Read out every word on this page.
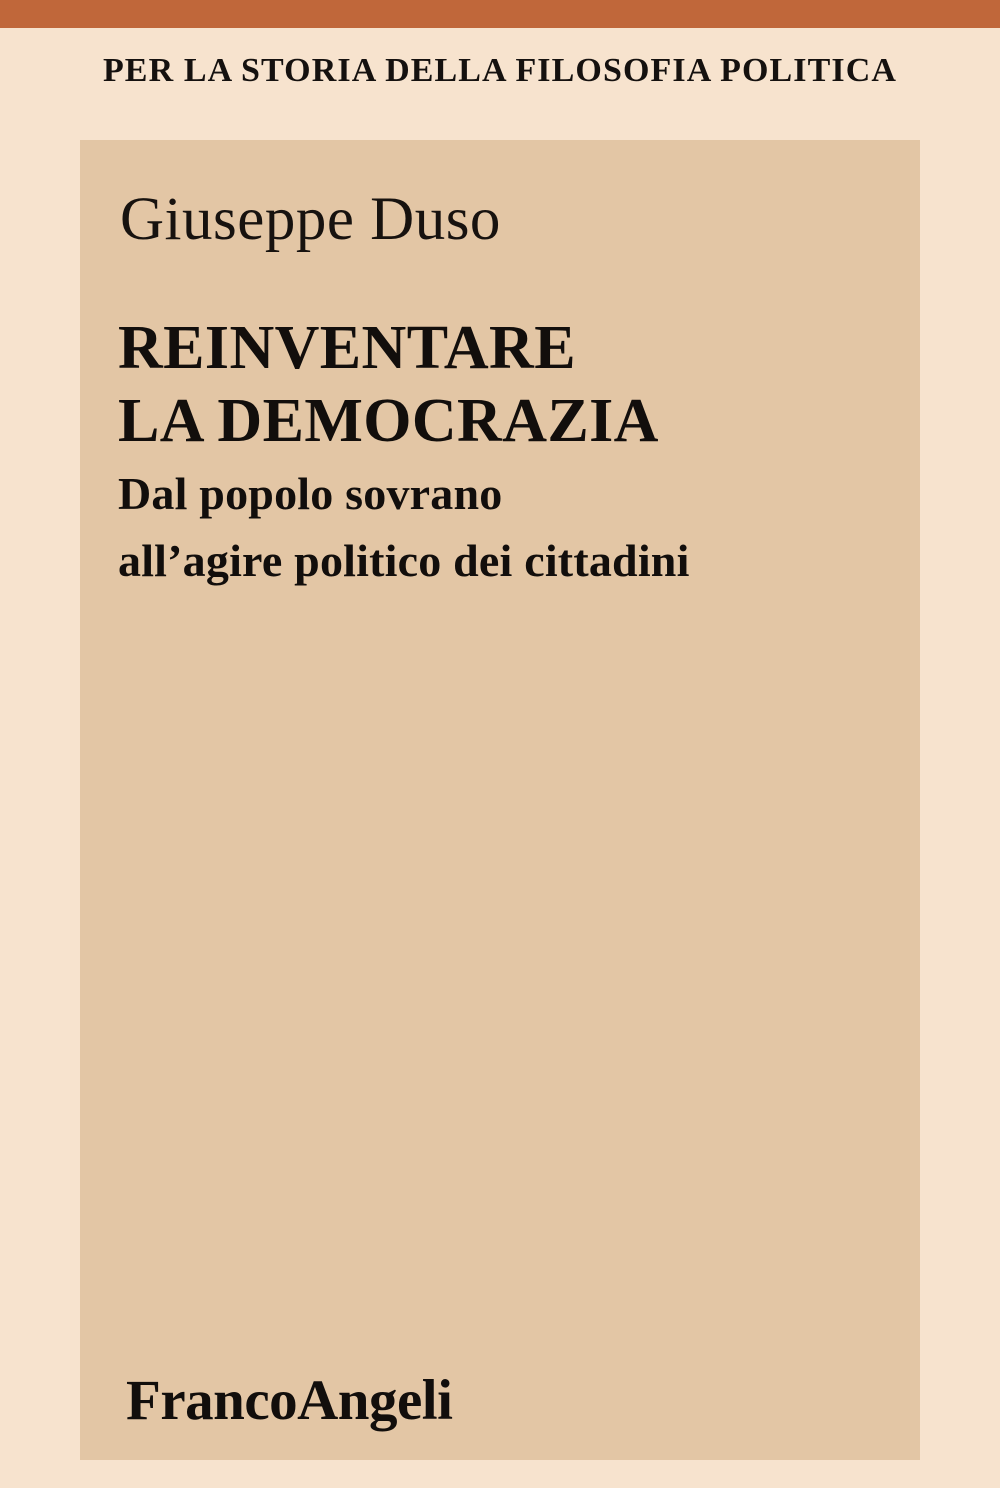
PER LA STORIA DELLA FILOSOFIA POLITICA
Giuseppe Duso
REINVENTARE
LA DEMOCRAZIA
Dal popolo sovrano
all’agire politico dei cittadini
FrancoAngeli
